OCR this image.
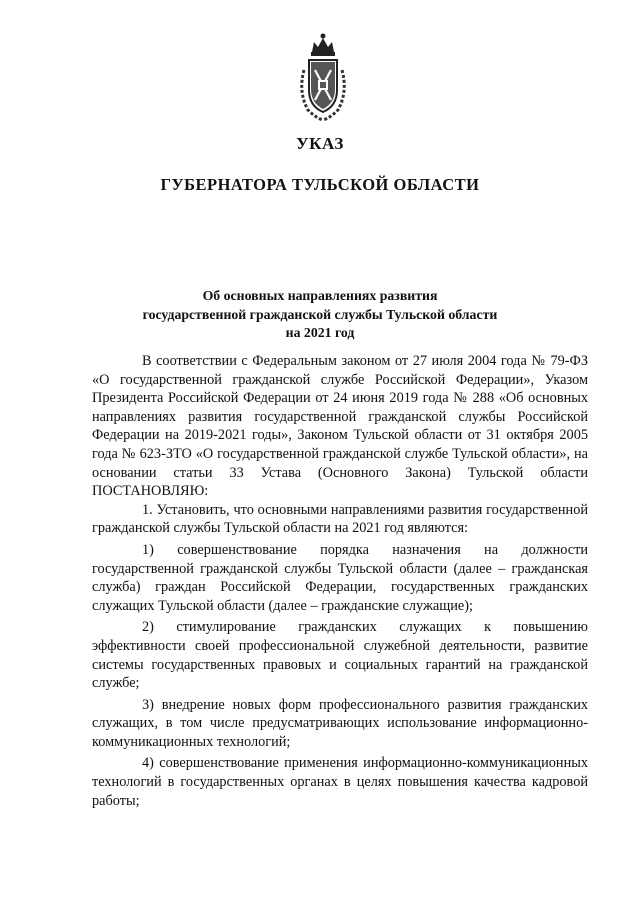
УКАЗ
ГУБЕРНАТОРА ТУЛЬСКОЙ ОБЛАСТИ
Об основных направлениях развития
государственной гражданской службы Тульской области
на 2021 год

В соответствии с Федеральным законом от 27 июля 2004 года № 79-ФЗ «О государственной гражданской службе Российской Федерации», Указом Президента Российской Федерации от 24 июня 2019 года № 288 «Об основных направлениях развития государственной гражданской службы Российской Федерации на 2019-2021 годы», Законом Тульской области от 31 октября 2005 года № 623-ЗТО «О государственной гражданской службе Тульской области», на основании статьи 33 Устава (Основного Закона) Тульской области ПОСТАНОВЛЯЮ:

1. Установить, что основными направлениями развития государственной гражданской службы Тульской области на 2021 год являются:

1) совершенствование порядка назначения на должности государственной гражданской службы Тульской области (далее – гражданская служба) граждан Российской Федерации, государственных гражданских служащих Тульской области (далее – гражданские служащие);

2) стимулирование гражданских служащих к повышению эффективности своей профессиональной служебной деятельности, развитие системы государственных правовых и социальных гарантий на гражданской службе;

3) внедрение новых форм профессионального развития гражданских служащих, в том числе предусматривающих использование информационно-коммуникационных технологий;

4) совершенствование применения информационно-коммуникационных технологий в государственных органах в целях повышения качества кадровой работы;
